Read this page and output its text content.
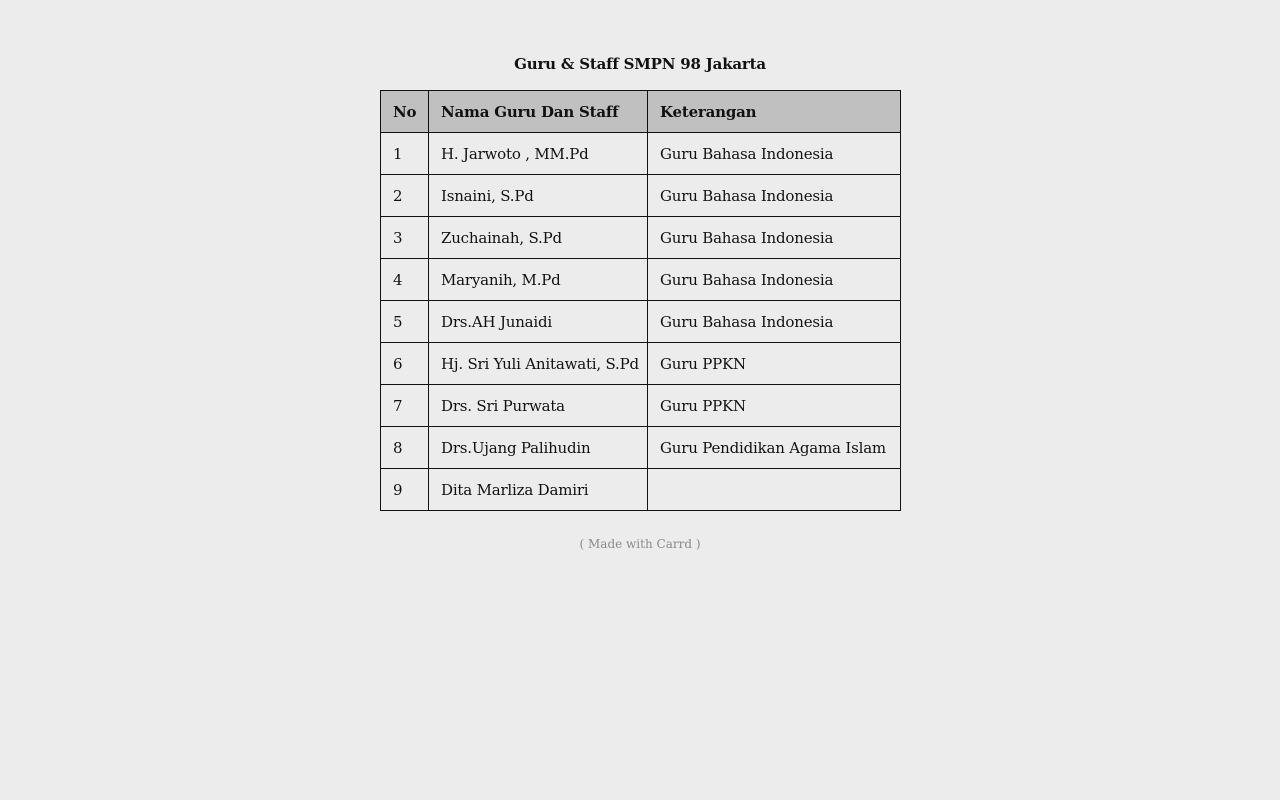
Guru & Staff SMPN 98 Jakarta
No	Nama Guru Dan Staff	Keterangan
1	H. Jarwoto , MM.Pd	Guru Bahasa Indonesia
2	Isnaini, S.Pd	Guru Bahasa Indonesia
3	Zuchainah, S.Pd	Guru Bahasa Indonesia
4	Maryanih, M.Pd	Guru Bahasa Indonesia
5	Drs.AH Junaidi	Guru Bahasa Indonesia
6	Hj. Sri Yuli Anitawati, S.Pd	Guru PPKN
7	Drs. Sri Purwata	Guru PPKN
8	Drs.Ujang Palihudin	Guru Pendidikan Agama Islam
9	Dita Marliza Damiri	
( Made with Carrd )
